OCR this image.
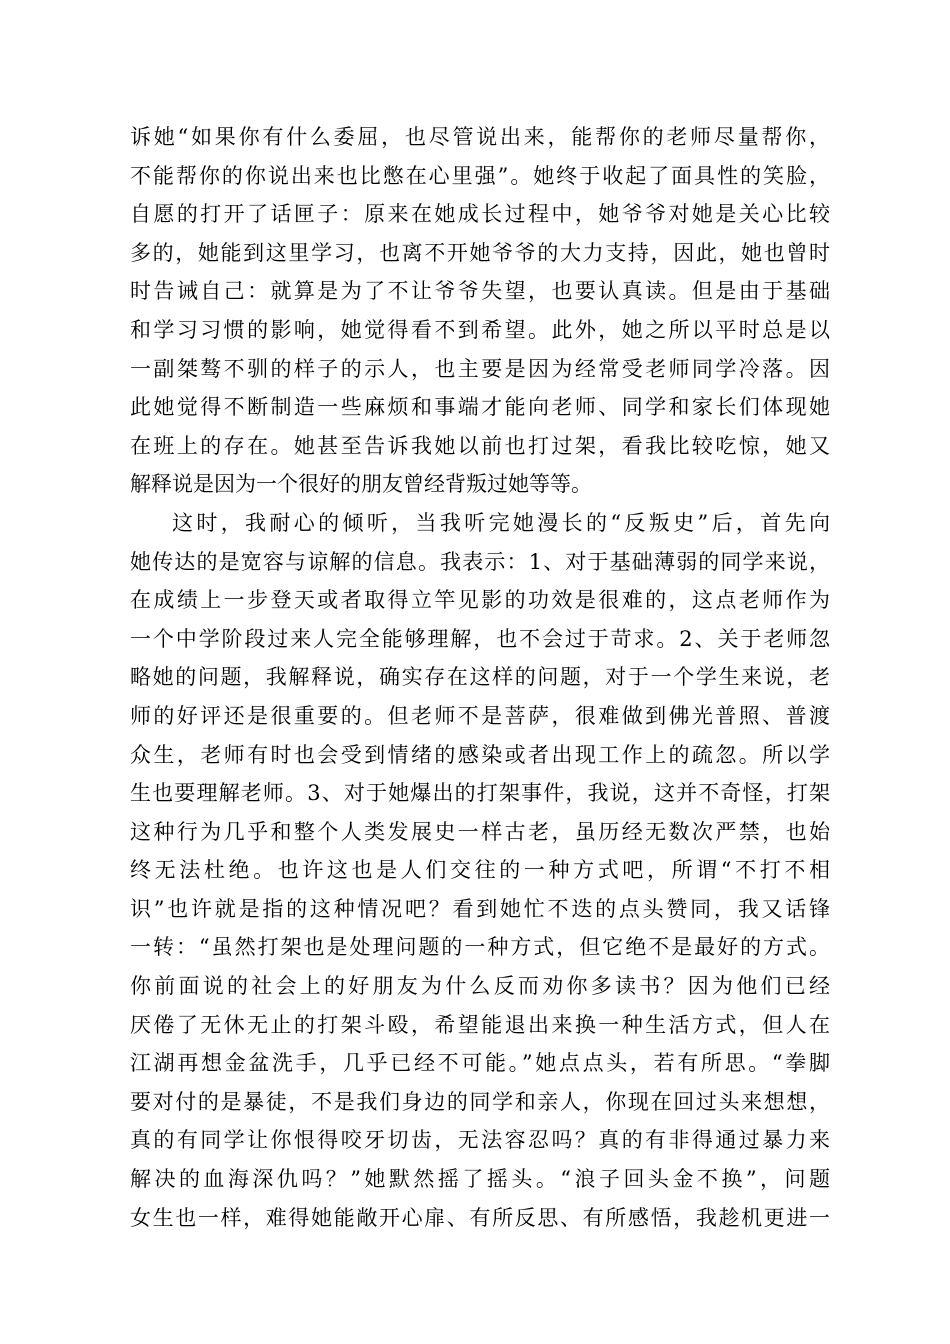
诉她“如果你有什么委屈，也尽管说出来，能帮你的老师尽量帮你，
不能帮你的你说出来也比憋在心里强”。她终于收起了面具性的笑脸，
自愿的打开了话匣子：原来在她成长过程中，她爷爷对她是关心比较
多的，她能到这里学习，也离不开她爷爷的大力支持，因此，她也曾时
时告诫自己：就算是为了不让爷爷失望，也要认真读。但是由于基础
和学习习惯的影响，她觉得看不到希望。此外，她之所以平时总是以
一副桀骜不驯的样子的示人，也主要是因为经常受老师同学冷落。因
此她觉得不断制造一些麻烦和事端才能向老师、同学和家长们体现她
在班上的存在。她甚至告诉我她以前也打过架，看我比较吃惊，她又
解释说是因为一个很好的朋友曾经背叛过她等等。
这时，我耐心的倾听，当我听完她漫长的“反叛史”后，首先向
她传达的是宽容与谅解的信息。我表示：1、对于基础薄弱的同学来说，
在成绩上一步登天或者取得立竿见影的功效是很难的，这点老师作为
一个中学阶段过来人完全能够理解，也不会过于苛求。2、关于老师忽
略她的问题，我解释说，确实存在这样的问题，对于一个学生来说，老
师的好评还是很重要的。但老师不是菩萨，很难做到佛光普照、普渡
众生，老师有时也会受到情绪的感染或者出现工作上的疏忽。所以学
生也要理解老师。3、对于她爆出的打架事件，我说，这并不奇怪，打架
这种行为几乎和整个人类发展史一样古老，虽历经无数次严禁，也始
终无法杜绝。也许这也是人们交往的一种方式吧，所谓“不打不相
识”也许就是指的这种情况吧？看到她忙不迭的点头赞同，我又话锋
一转：“虽然打架也是处理问题的一种方式，但它绝不是最好的方式。
你前面说的社会上的好朋友为什么反而劝你多读书？因为他们已经
厌倦了无休无止的打架斗殴，希望能退出来换一种生活方式，但人在
江湖再想金盆洗手，几乎已经不可能。”她点点头，若有所思。“拳脚
要对付的是暴徒，不是我们身边的同学和亲人，你现在回过头来想想，
真的有同学让你恨得咬牙切齿，无法容忍吗？真的有非得通过暴力来
解决的血海深仇吗？”她默然摇了摇头。“浪子回头金不换”，问题
女生也一样，难得她能敞开心扉、有所反思、有所感悟，我趁机更进一
